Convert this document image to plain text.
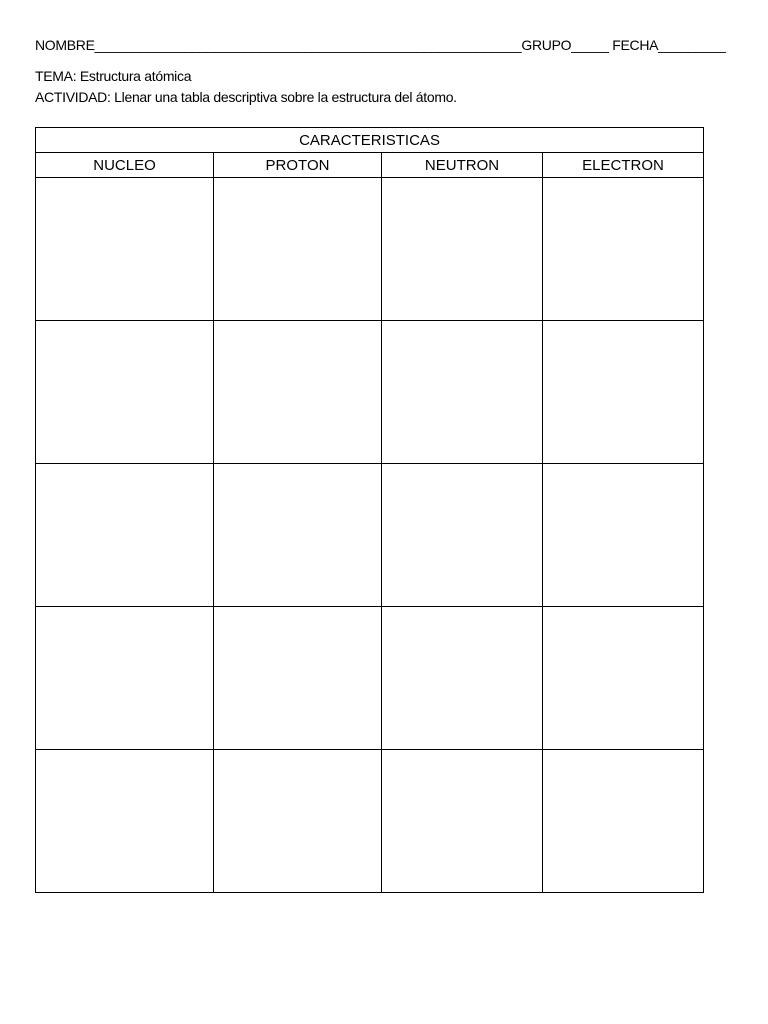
NOMBRE_________________________________________________________GRUPO_____ FECHA_________
TEMA: Estructura atómica
ACTIVIDAD: Llenar una tabla descriptiva sobre la estructura del átomo.
CARACTERISTICAS			
NUCLEO	PROTON	NEUTRON	ELECTRON
